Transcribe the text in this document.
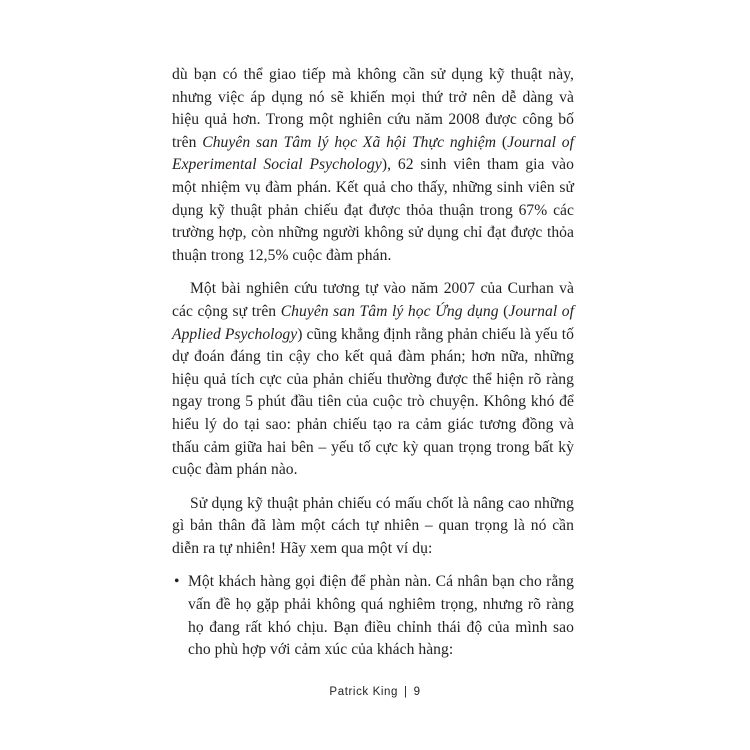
dù bạn có thể giao tiếp mà không cần sử dụng kỹ thuật này, nhưng việc áp dụng nó sẽ khiến mọi thứ trở nên dễ dàng và hiệu quả hơn. Trong một nghiên cứu năm 2008 được công bố trên Chuyên san Tâm lý học Xã hội Thực nghiệm (Journal of Experimental Social Psychology), 62 sinh viên tham gia vào một nhiệm vụ đàm phán. Kết quả cho thấy, những sinh viên sử dụng kỹ thuật phản chiếu đạt được thỏa thuận trong 67% các trường hợp, còn những người không sử dụng chỉ đạt được thỏa thuận trong 12,5% cuộc đàm phán.

Một bài nghiên cứu tương tự vào năm 2007 của Curhan và các cộng sự trên Chuyên san Tâm lý học Ứng dụng (Journal of Applied Psychology) cũng khẳng định rằng phản chiếu là yếu tố dự đoán đáng tin cậy cho kết quả đàm phán; hơn nữa, những hiệu quả tích cực của phản chiếu thường được thể hiện rõ ràng ngay trong 5 phút đầu tiên của cuộc trò chuyện. Không khó để hiểu lý do tại sao: phản chiếu tạo ra cảm giác tương đồng và thấu cảm giữa hai bên – yếu tố cực kỳ quan trọng trong bất kỳ cuộc đàm phán nào.

Sử dụng kỹ thuật phản chiếu có mấu chốt là nâng cao những gì bản thân đã làm một cách tự nhiên – quan trọng là nó cần diễn ra tự nhiên! Hãy xem qua một ví dụ:

• Một khách hàng gọi điện để phàn nàn. Cá nhân bạn cho rằng vấn đề họ gặp phải không quá nghiêm trọng, nhưng rõ ràng họ đang rất khó chịu. Bạn điều chỉnh thái độ của mình sao cho phù hợp với cảm xúc của khách hàng:
Patrick King | 9
